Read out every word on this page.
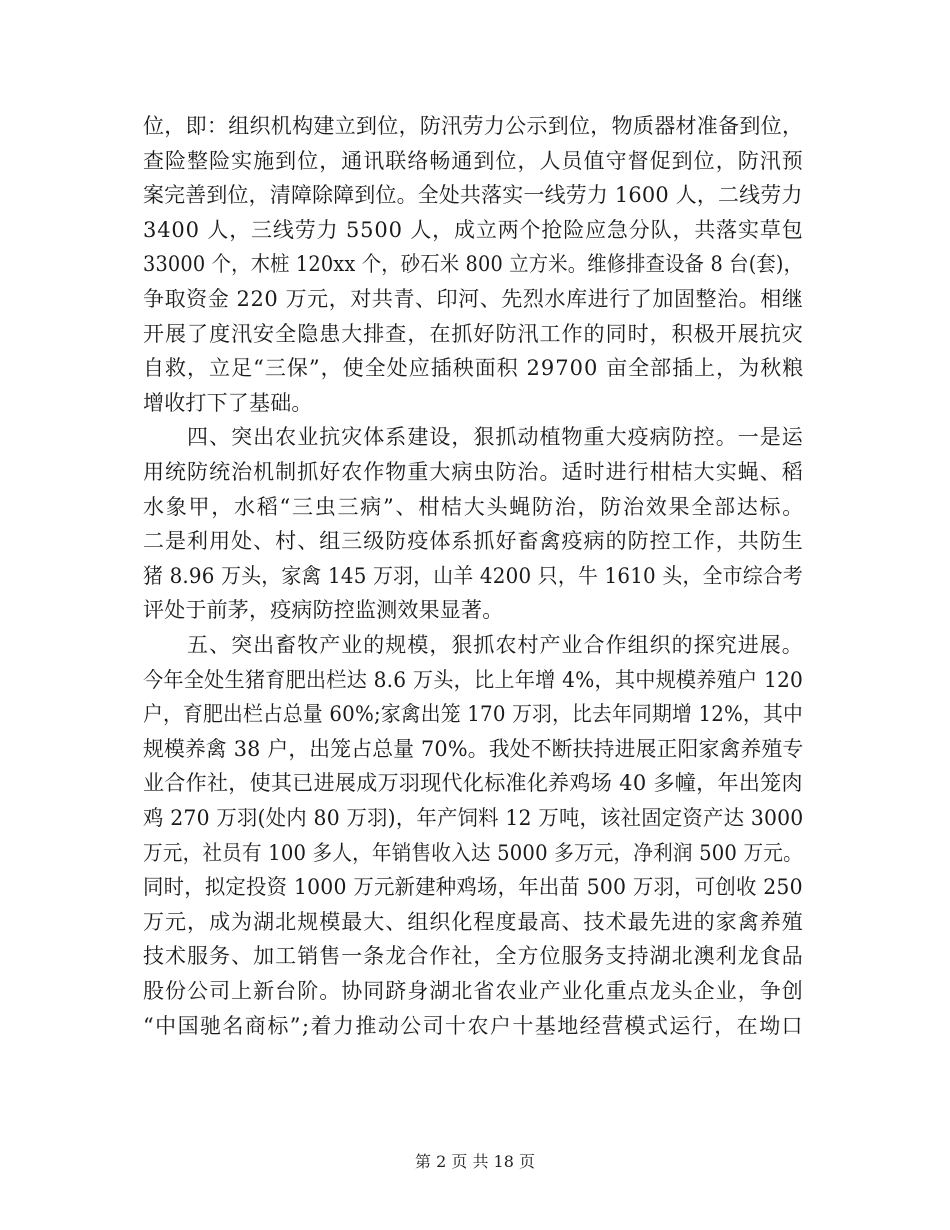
位，即：组织机构建立到位，防汛劳力公示到位，物质器材准备到位，
查险整险实施到位，通讯联络畅通到位，人员值守督促到位，防汛预
案完善到位，清障除障到位。全处共落实一线劳力 1600 人，二线劳力
3400 人，三线劳力 5500 人，成立两个抢险应急分队，共落实草包
33000 个，木桩 120xx 个，砂石米 800 立方米。维修排查设备 8 台(套)，
争取资金 220 万元，对共青、印河、先烈水库进行了加固整治。相继
开展了度汛安全隐患大排查，在抓好防汛工作的同时，积极开展抗灾
自救，立足“三保”，使全处应插秧面积 29700 亩全部插上，为秋粮
增收打下了基础。
　　四、突出农业抗灾体系建设，狠抓动植物重大疫病防控。一是运
用统防统治机制抓好农作物重大病虫防治。适时进行柑桔大实蝇、稻
水象甲，水稻“三虫三病”、柑桔大头蝇防治，防治效果全部达标。
二是利用处、村、组三级防疫体系抓好畜禽疫病的防控工作，共防生
猪 8.96 万头，家禽 145 万羽，山羊 4200 只，牛 1610 头，全市综合考
评处于前茅，疫病防控监测效果显著。
　　五、突出畜牧产业的规模，狠抓农村产业合作组织的探究进展。
今年全处生猪育肥出栏达 8.6 万头，比上年增 4%，其中规模养殖户 120
户，育肥出栏占总量 60%;家禽出笼 170 万羽，比去年同期增 12%，其中
规模养禽 38 户，出笼占总量 70%。我处不断扶持进展正阳家禽养殖专
业合作社，使其已进展成万羽现代化标准化养鸡场 40 多幢，年出笼肉
鸡 270 万羽(处内 80 万羽)，年产饲料 12 万吨，该社固定资产达 3000
万元，社员有 100 多人，年销售收入达 5000 多万元，净利润 500 万元。
同时，拟定投资 1000 万元新建种鸡场，年出苗 500 万羽，可创收 250
万元，成为湖北规模最大、组织化程度最高、技术最先进的家禽养殖
技术服务、加工销售一条龙合作社，全方位服务支持湖北澳利龙食品
股份公司上新台阶。协同跻身湖北省农业产业化重点龙头企业，争创
“中国驰名商标”;着力推动公司十农户十基地经营模式运行，在坳口
第 2 页 共 18 页
